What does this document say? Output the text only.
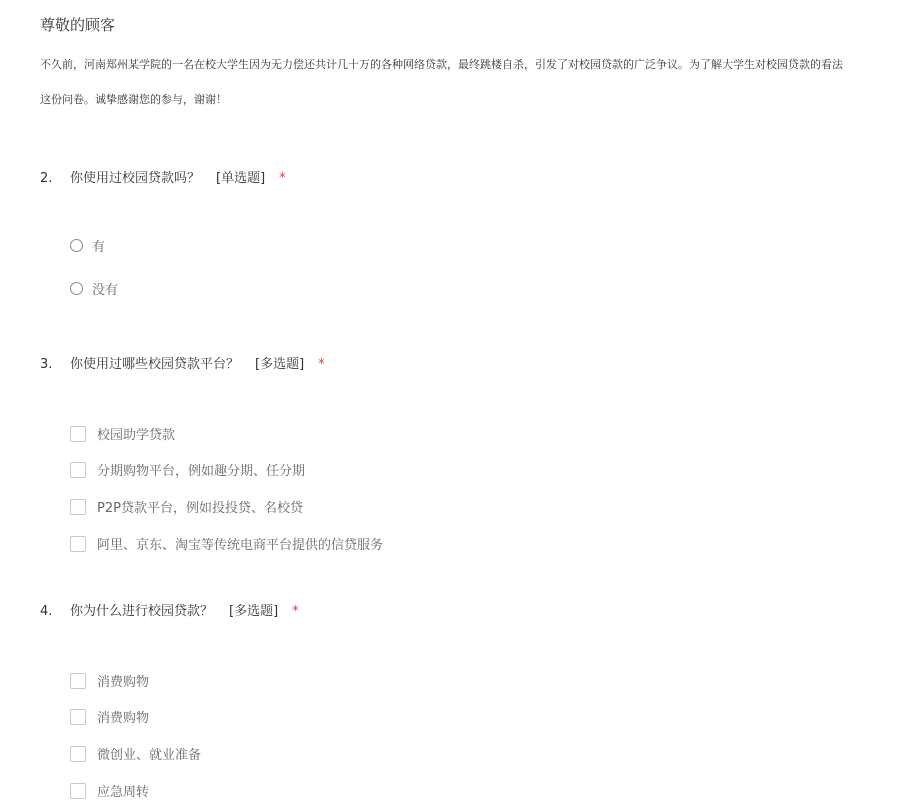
尊敬的顾客
不久前，河南郑州某学院的一名在校大学生因为无力偿还共计几十万的各种网络贷款，最终跳楼自杀，引发了对校园贷款的广泛争议。为了解大学生对校园贷款的看法
这份问卷。诚挚感谢您的参与，谢谢！
2. 你使用过校园贷款吗？ [单选题] *
有
没有
3. 你使用过哪些校园贷款平台？ [多选题] *
校园助学贷款
分期购物平台，例如趣分期、任分期
P2P贷款平台，例如投投贷、名校贷
阿里、京东、淘宝等传统电商平台提供的信贷服务
4. 你为什么进行校园贷款？ [多选题] *
消费购物
消费购物
微创业、就业准备
应急周转
